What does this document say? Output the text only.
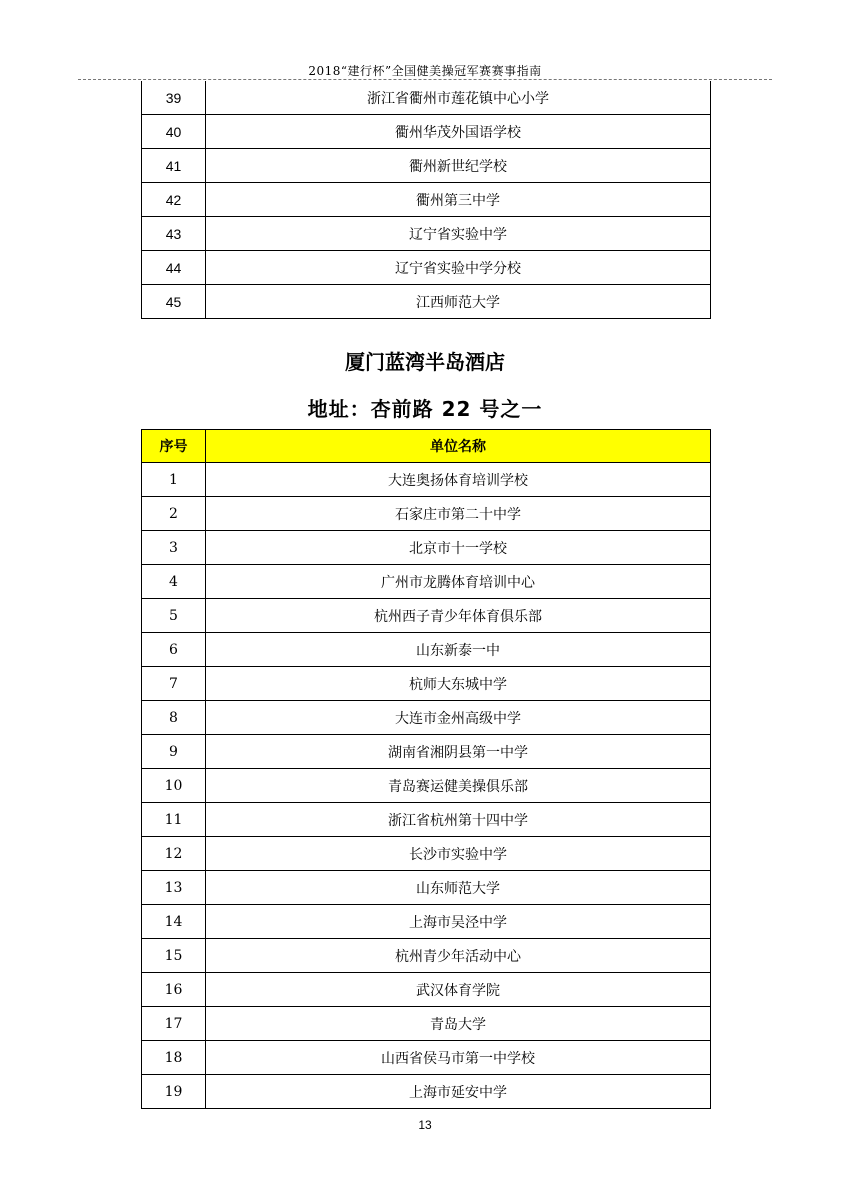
2018“建行杯”全国健美操冠军赛赛事指南
39	浙江省衢州市莲花镇中心小学
40	衢州华茂外国语学校
41	衢州新世纪学校
42	衢州第三中学
43	辽宁省实验中学
44	辽宁省实验中学分校
45	江西师范大学
厦门蓝湾半岛酒店
地址：杏前路 22 号之一
序号	单位名称
1	大连奥扬体育培训学校
2	石家庄市第二十中学
3	北京市十一学校
4	广州市龙腾体育培训中心
5	杭州西子青少年体育俱乐部
6	山东新泰一中
7	杭师大东城中学
8	大连市金州高级中学
9	湖南省湘阴县第一中学
10	青岛赛运健美操俱乐部
11	浙江省杭州第十四中学
12	长沙市实验中学
13	山东师范大学
14	上海市吴泾中学
15	杭州青少年活动中心
16	武汉体育学院
17	青岛大学
18	山西省侯马市第一中学校
19	上海市延安中学
13
